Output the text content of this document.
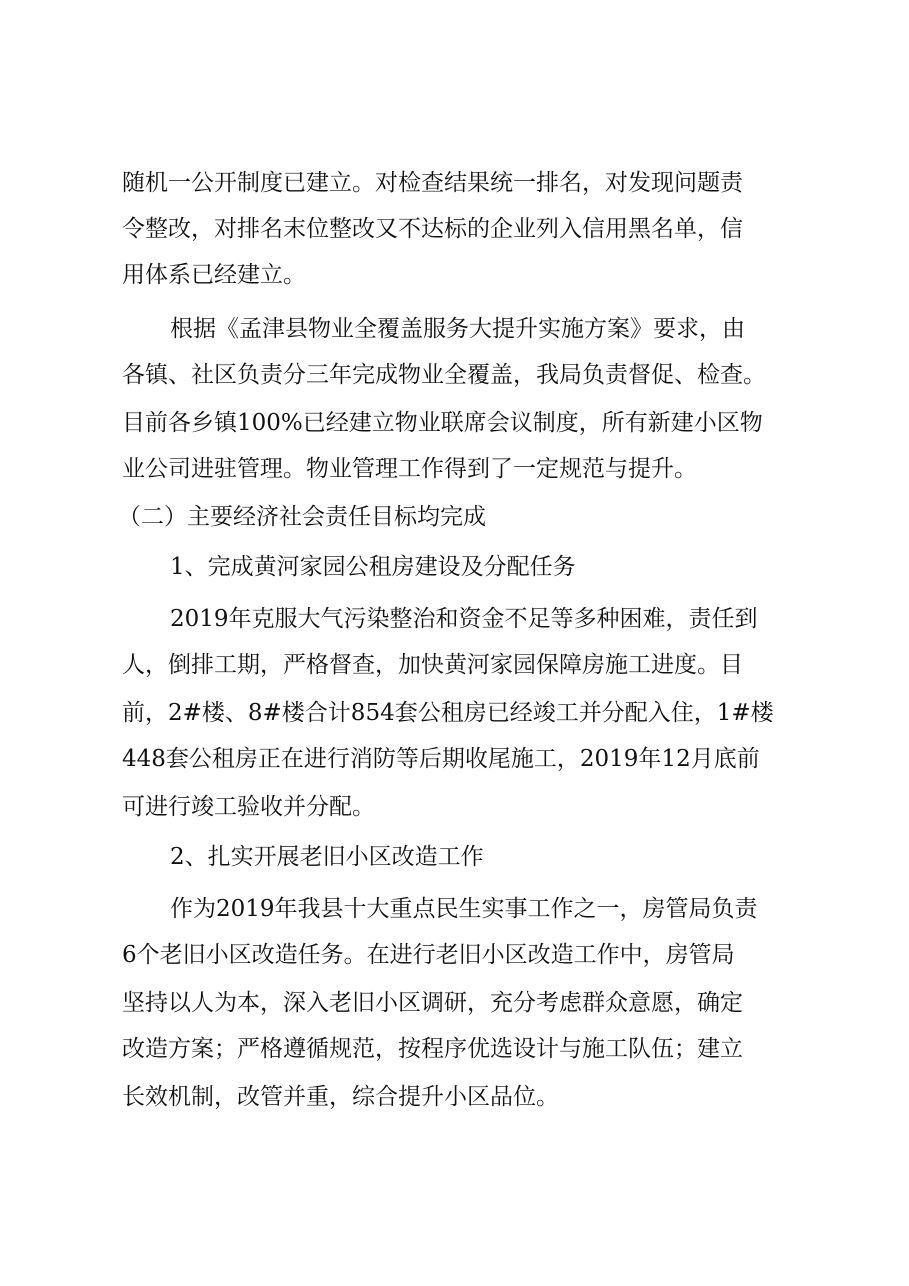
随机一公开制度已建立。对检查结果统一排名，对发现问题责

令整改，对排名末位整改又不达标的企业列入信用黑名单，信

用体系已经建立。

根据《孟津县物业全覆盖服务大提升实施方案》要求，由

各镇、社区负责分三年完成物业全覆盖，我局负责督促、检查。

目前各乡镇100%已经建立物业联席会议制度，所有新建小区物

业公司进驻管理。物业管理工作得到了一定规范与提升。

（二）主要经济社会责任目标均完成

1、完成黄河家园公租房建设及分配任务

2019年克服大气污染整治和资金不足等多种困难，责任到

人，倒排工期，严格督查，加快黄河家园保障房施工进度。目

前，2#楼、8#楼合计854套公租房已经竣工并分配入住，1#楼

448套公租房正在进行消防等后期收尾施工，2019年12月底前

可进行竣工验收并分配。

2、扎实开展老旧小区改造工作

作为2019年我县十大重点民生实事工作之一，房管局负责

6个老旧小区改造任务。在进行老旧小区改造工作中，房管局

坚持以人为本，深入老旧小区调研，充分考虑群众意愿，确定

改造方案；严格遵循规范，按程序优选设计与施工队伍；建立

长效机制，改管并重，综合提升小区品位。
